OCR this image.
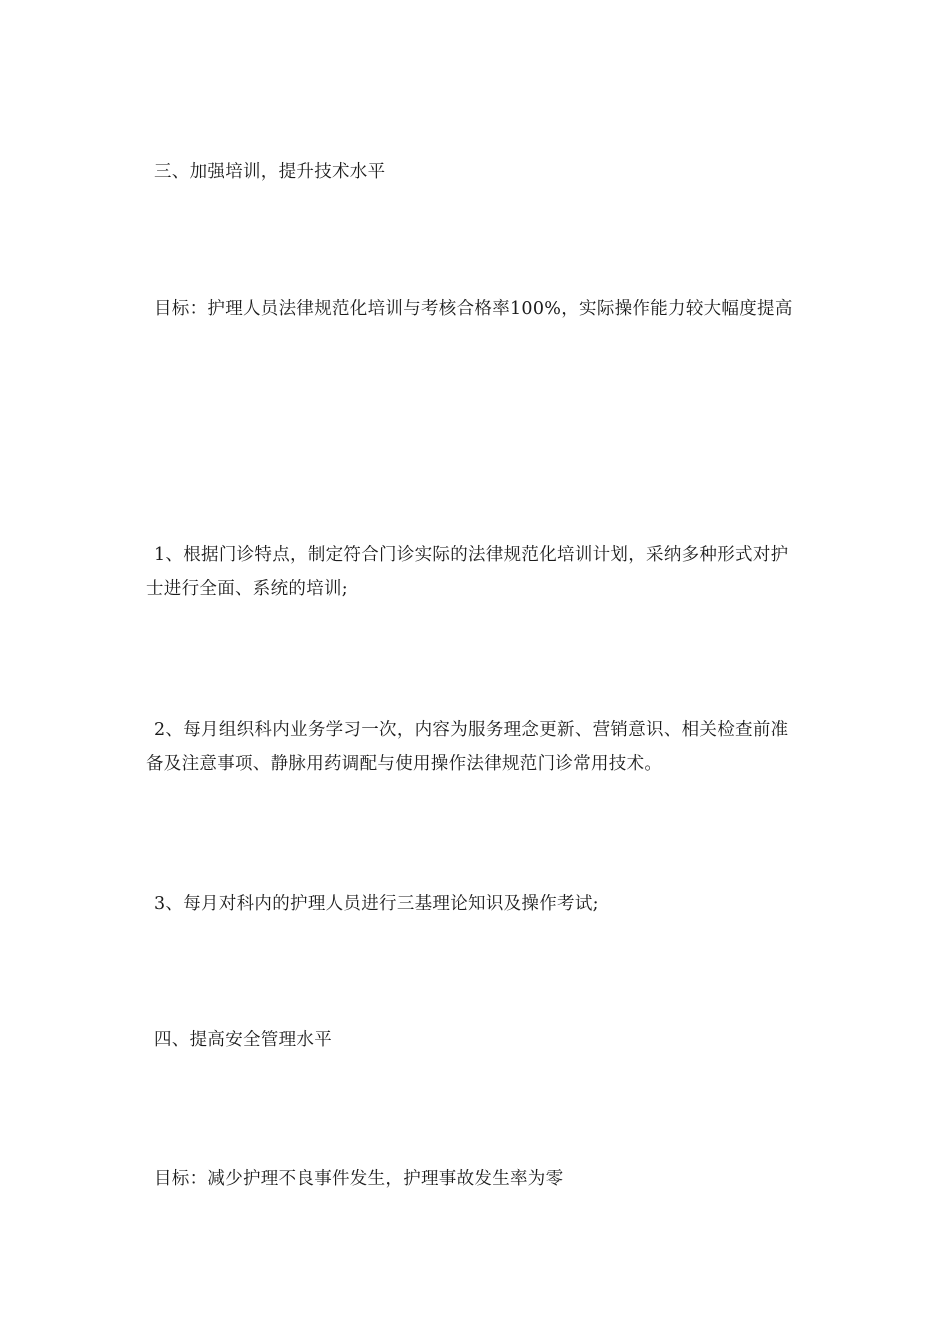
三、加强培训，提升技术水平

目标：护理人员法律规范化培训与考核合格率100%，实际操作能力较大幅度提高

1、根据门诊特点，制定符合门诊实际的法律规范化培训计划，采纳多种形式对护士进行全面、系统的培训;

2、每月组织科内业务学习一次，内容为服务理念更新、营销意识、相关检查前准备及注意事项、静脉用药调配与使用操作法律规范门诊常用技术。

3、每月对科内的护理人员进行三基理论知识及操作考试;

四、提高安全管理水平

目标：减少护理不良事件发生，护理事故发生率为零
